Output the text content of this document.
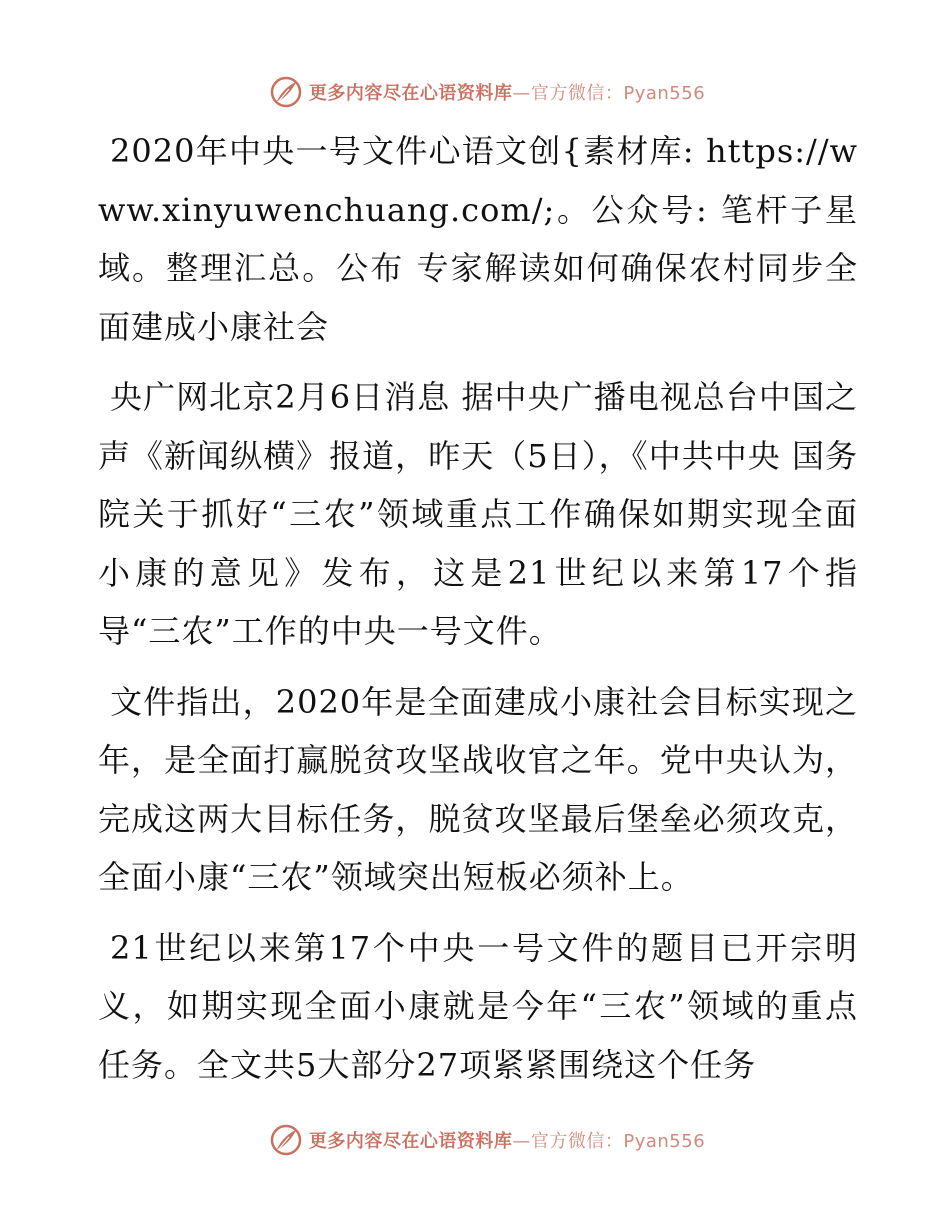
更多内容尽在心语资料库—官方微信：Pyan556

2020年中央一号文件心语文创{素材库: https://www.xinyuwenchuang.com/;。公众号: 笔杆子星域。整理汇总。公布 专家解读如何确保农村同步全面建成小康社会

央广网北京2月6日消息 据中央广播电视总台中国之声《新闻纵横》报道，昨天（5日），《中共中央 国务院关于抓好“三农”领域重点工作确保如期实现全面小康的意见》发布，这是21世纪以来第17个指导“三农”工作的中央一号文件。

文件指出，2020年是全面建成小康社会目标实现之年，是全面打赢脱贫攻坚战收官之年。党中央认为，完成这两大目标任务，脱贫攻坚最后堡垒必须攻克，全面小康“三农”领域突出短板必须补上。

21世纪以来第17个中央一号文件的题目已开宗明义，如期实现全面小康就是今年“三农”领域的重点任务。全文共5大部分27项紧紧围绕这个任务

更多内容尽在心语资料库—官方微信：Pyan556
